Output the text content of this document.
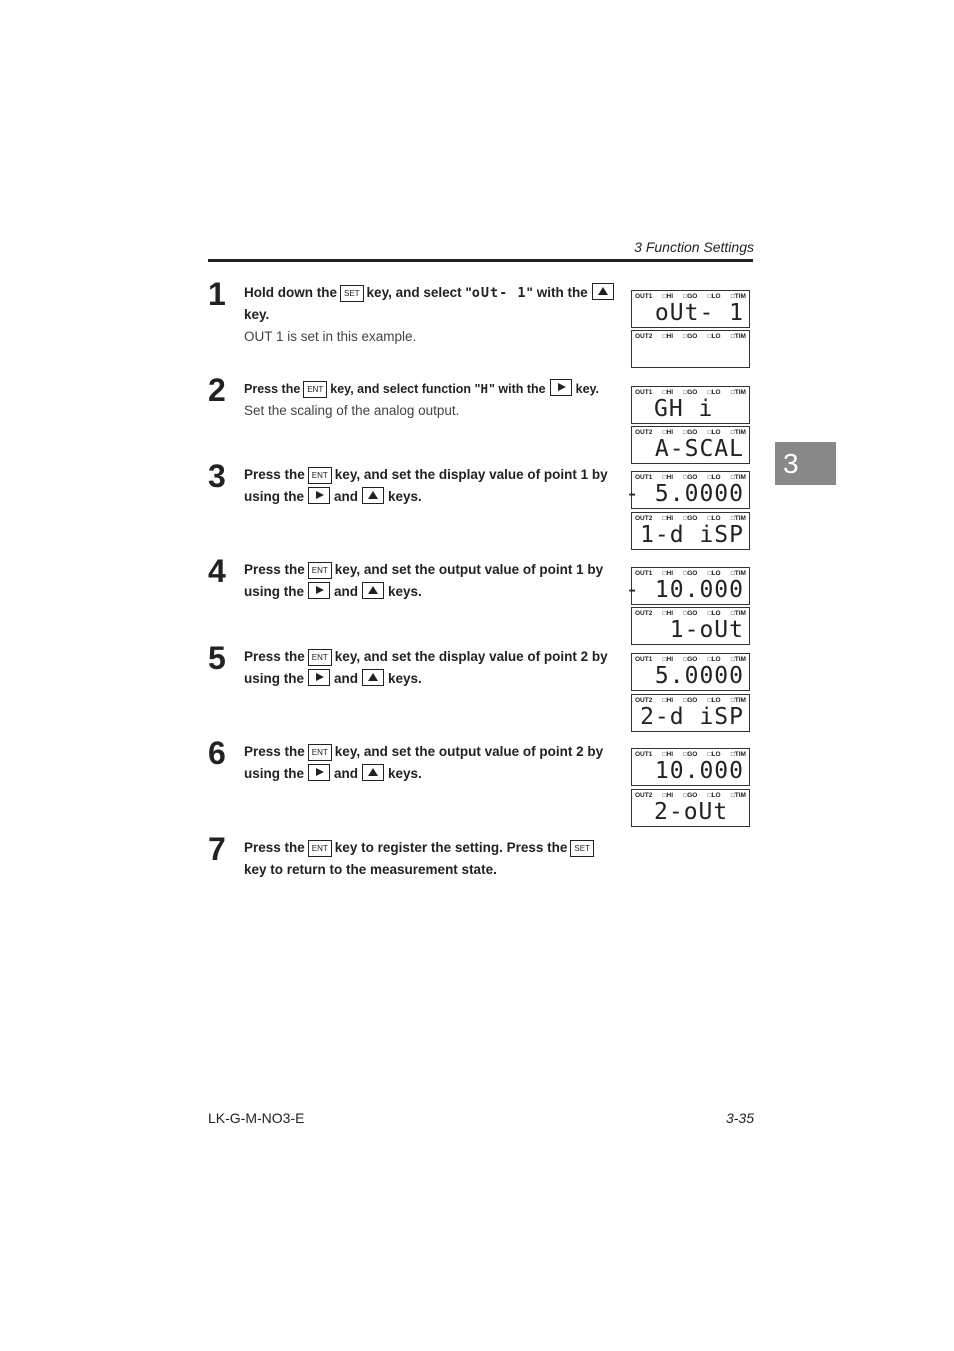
3 Function Settings
3
1 Hold down the SET key, and select "oUt- 1" with the
key.
OUT 1 is set in this example.
2 Press the ENT key, and select function "H" with the key.
Set the scaling of the analog output.
3 Press the ENT key, and set the display value of point 1 by using the and keys.
4 Press the ENT key, and set the output value of point 1 by using the and keys.
5 Press the ENT key, and set the display value of point 2 by using the and keys.
6 Press the ENT key, and set the output value of point 2 by using the and keys.
7 Press the ENT key to register the setting. Press the SETkey to return to the measurement state.
OUT1 □HI □GO □LO □TIM
oUt- 1
OUT2 □HI □GO □LO □TIM
OUT1 □HI □GO □LO □TIM
GH i
OUT2 □HI □GO □LO □TIM
A-SCAL
OUT1 □HI □GO □LO □TIM
- 5.0000
OUT2 □HI □GO □LO □TIM
1-d iSP
OUT1 □HI □GO □LO □TIM
- 10.000
OUT2 □HI □GO □LO □TIM
1-oUt
OUT1 □HI □GO □LO □TIM
5.0000
OUT2 □HI □GO □LO □TIM
2-d iSP
OUT1 □HI □GO □LO □TIM
10.000
OUT2 □HI □GO □LO □TIM
2-oUt
LK-G-M-NO3-E	3-35
